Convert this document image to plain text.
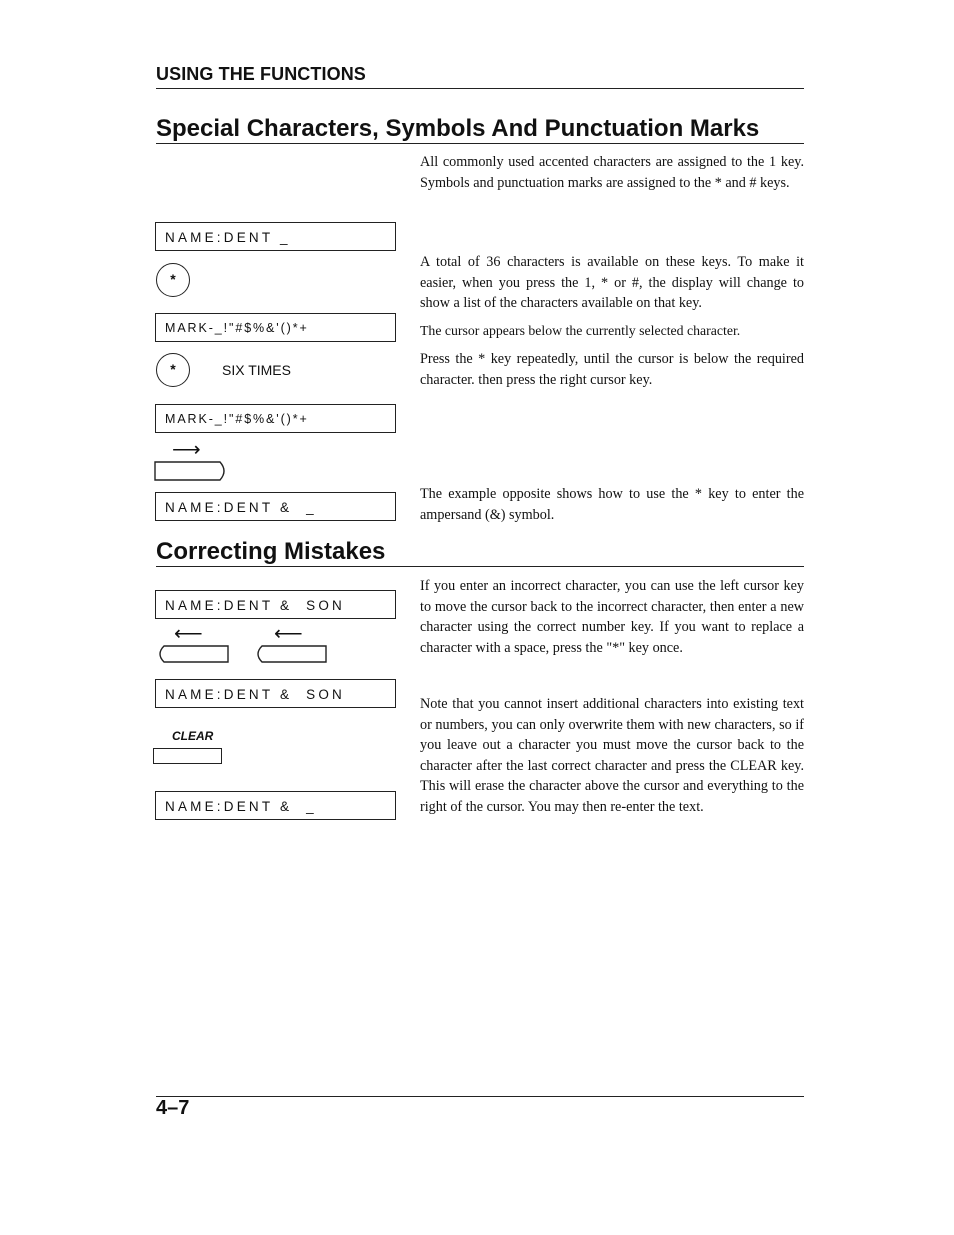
USING THE FUNCTIONS
Special Characters, Symbols And Punctuation Marks
All commonly used accented characters are assigned to the 1 key. Symbols and punctuation marks are assigned to the * and # keys.
A total of 36 characters is available on these keys. To make it easier, when you press the 1, * or #, the display will change to show a list of the characters available on that key.
The cursor appears below the currently selected character.
Press the * key repeatedly, until the cursor is below the required character. then press the right cursor key.
The example opposite shows how to use the * key to enter the ampersand (&) symbol.
NAME:DENT _
*
MARK-_!"#$%&'()*+
*	SIX TIMES
MARK-_!"#$%&'()*+
⟶
NAME:DENT &  _
Correcting Mistakes
If you enter an incorrect character, you can use the left cursor key to move the cursor back to the incorrect character, then enter a new character using the correct number key. If you want to replace a character with a space, press the "*" key once.
Note that you cannot insert additional characters into existing text or numbers, you can only overwrite them with new characters, so if you leave out a character you must move the cursor back to the character after the last correct character and press the CLEAR key. This will erase the character above the cursor and everything to the right of the cursor. You may then re-enter the text.
NAME:DENT &  SON
⟵	⟵
NAME:DENT &  SON
CLEAR
NAME:DENT &  _
4–7
